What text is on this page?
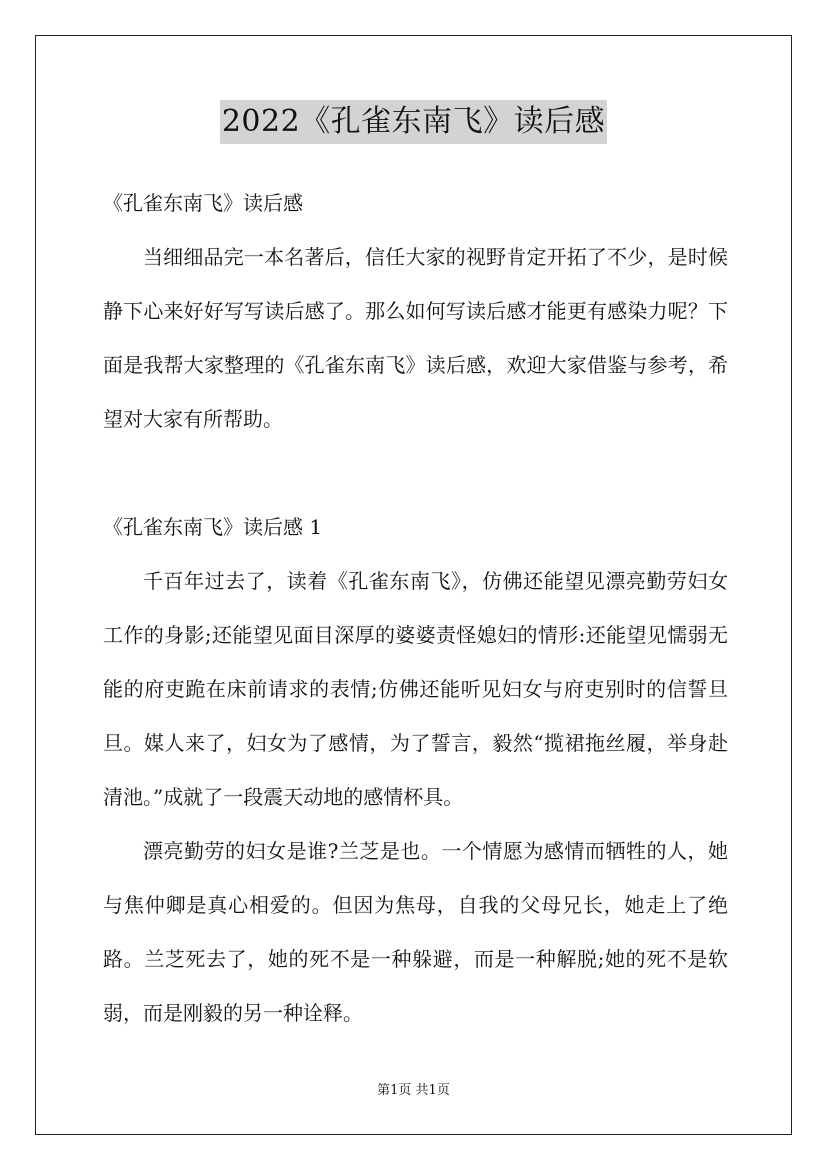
2022《孔雀东南飞》读后感

《孔雀东南飞》读后感

当细细品完一本名著后，信任大家的视野肯定开拓了不少，是时候静下心来好好写写读后感了。那么如何写读后感才能更有感染力呢？下面是我帮大家整理的《孔雀东南飞》读后感，欢迎大家借鉴与参考，希望对大家有所帮助。

《孔雀东南飞》读后感 1

千百年过去了，读着《孔雀东南飞》，仿佛还能望见漂亮勤劳妇女工作的身影;还能望见面目深厚的婆婆责怪媳妇的情形:还能望见懦弱无能的府吏跪在床前请求的表情;仿佛还能听见妇女与府吏别时的信誓旦旦。媒人来了，妇女为了感情，为了誓言，毅然“揽裙拖丝履，举身赴清池。”成就了一段震天动地的感情杯具。

漂亮勤劳的妇女是谁?兰芝是也。一个情愿为感情而牺牲的人，她与焦仲卿是真心相爱的。但因为焦母，自我的父母兄长，她走上了绝路。兰芝死去了，她的死不是一种躲避，而是一种解脱;她的死不是软弱，而是刚毅的另一种诠释。

第1页 共1页
